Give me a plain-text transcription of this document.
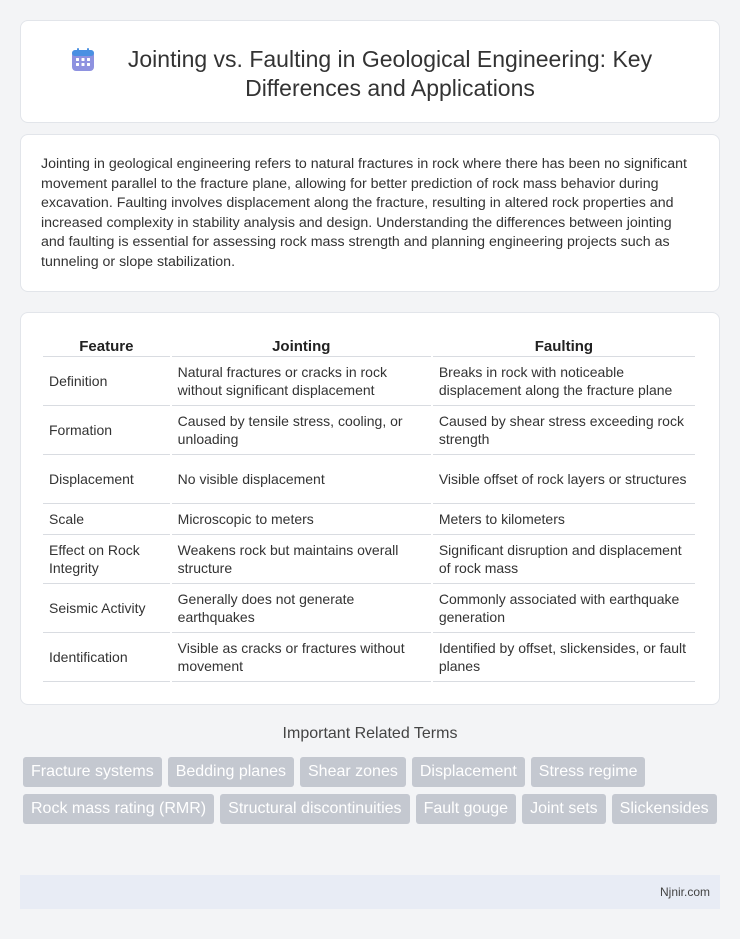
Jointing vs. Faulting in Geological Engineering: Key Differences and Applications

Jointing in geological engineering refers to natural fractures in rock where there has been no significant movement parallel to the fracture plane, allowing for better prediction of rock mass behavior during excavation. Faulting involves displacement along the fracture, resulting in altered rock properties and increased complexity in stability analysis and design. Understanding the differences between jointing and faulting is essential for assessing rock mass strength and planning engineering projects such as tunneling or slope stabilization.

Feature	Jointing	Faulting
Definition	Natural fractures or cracks in rock without significant displacement	Breaks in rock with noticeable displacement along the fracture plane
Formation	Caused by tensile stress, cooling, or unloading	Caused by shear stress exceeding rock strength
Displacement	No visible displacement	Visible offset of rock layers or structures
Scale	Microscopic to meters	Meters to kilometers
Effect on Rock Integrity	Weakens rock but maintains overall structure	Significant disruption and displacement of rock mass
Seismic Activity	Generally does not generate earthquakes	Commonly associated with earthquake generation
Identification	Visible as cracks or fractures without movement	Identified by offset, slickensides, or fault planes
Important Related Terms
Fracture systems	Bedding planes	Shear zones	Displacement	Stress regime
Rock mass rating (RMR)	Structural discontinuities	Fault gouge	Joint sets	Slickensides
Njnir.com
